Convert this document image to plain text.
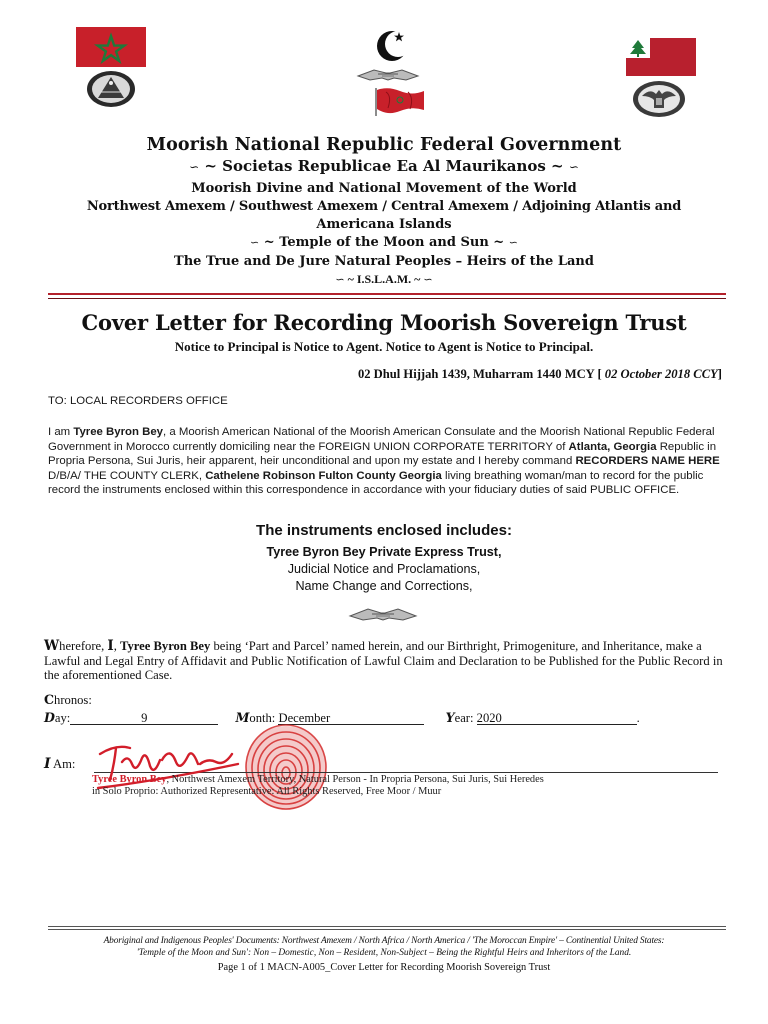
Moorish National Republic Federal Government
∽ ~ Societas Republicae Ea Al Maurikanos ~ ∽
Moorish Divine and National Movement of the World
Northwest Amexem / Southwest Amexem / Central Amexem / Adjoining Atlantis and
Americana Islands
∽ ~ Temple of the Moon and Sun ~ ∽
The True and De Jure Natural Peoples – Heirs of the Land
∽ ~ I.S.L.A.M. ~ ∽
Cover Letter for Recording Moorish Sovereign Trust
Notice to Principal is Notice to Agent. Notice to Agent is Notice to Principal.
02 Dhul Hijjah 1439, Muharram 1440 MCY [ 02 October 2018 CCY]
TO: LOCAL RECORDERS OFFICE
I am Tyree Byron Bey, a Moorish American National of the Moorish American Consulate and the Moorish National Republic Federal Government in Morocco currently domiciling near the FOREIGN UNION CORPORATE TERRITORY of Atlanta, Georgia Republic in Propria Persona, Sui Juris, heir apparent, heir unconditional and upon my estate and I hereby command RECORDERS NAME HERE D/B/A/ THE COUNTY CLERK, Cathelene Robinson Fulton County Georgia living breathing woman/man to record for the public record the instruments enclosed within this correspondence in accordance with your fiduciary duties of said PUBLIC OFFICE.
The instruments enclosed includes:
Tyree Byron Bey Private Express Trust,
Judicial Notice and Proclamations,
Name Change and Corrections,
Wherefore, I, Tyree Byron Bey being ‘Part and Parcel’ named herein, and our Birthright, Primogeniture, and Inheritance, make a Lawful and Legal Entry of Affidavit and Public Notification of Lawful Claim and Declaration to be Published for the Public Record in the aforementioned Case.
Chronos:
Day:	9	Month: December	Year: 2020	.
I Am:
Tyree Byron Bey, Northwest Amexem Territory, Natural Person - In Propria Persona, Sui Juris, Sui Heredes
in Solo Proprio: Authorized Representative: All Rights Reserved, Free Moor / Muur
Aboriginal and Indigenous Peoples' Documents: Northwest Amexem / North Africa / North America / 'The Moroccan Empire' – Continential United States:
'Temple of the Moon and Sun': Non – Domestic, Non – Resident, Non-Subject – Being the Rightful Heirs and Inheritors of the Land.
Page 1 of 1 MACN-A005_Cover Letter for Recording Moorish Sovereign Trust
